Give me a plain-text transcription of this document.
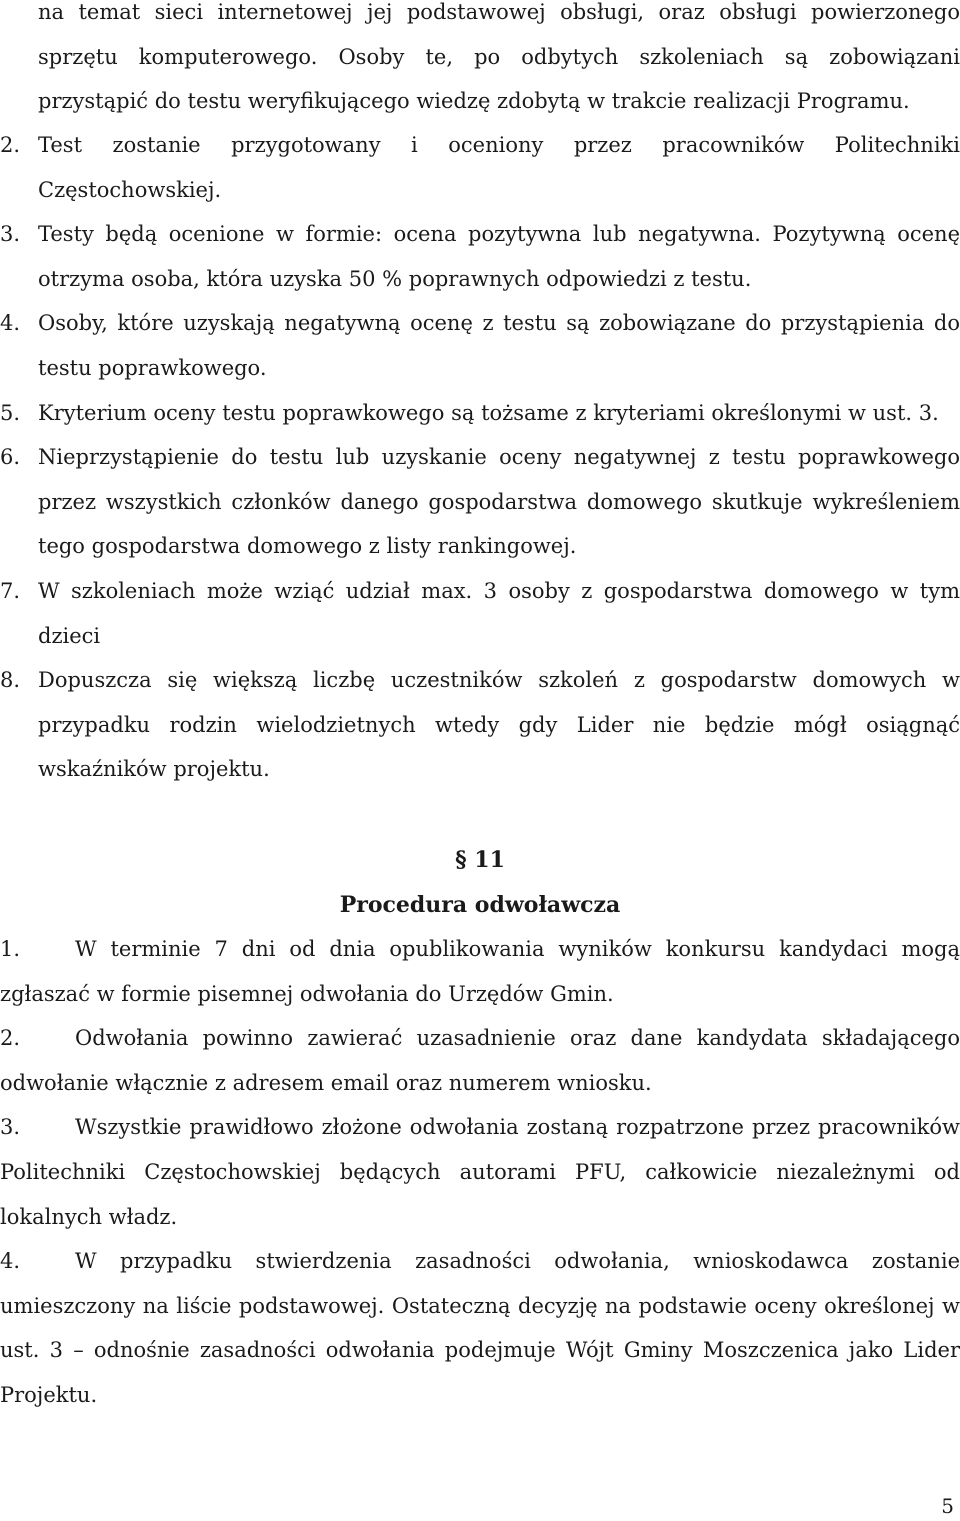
na temat sieci internetowej jej podstawowej obsługi, oraz obsługi powierzonego sprzętu komputerowego. Osoby te, po odbytych szkoleniach są zobowiązani przystąpić do testu weryfikującego wiedzę zdobytą w trakcie realizacji Programu.
2. Test zostanie przygotowany i oceniony przez pracowników Politechniki Częstochowskiej.
3. Testy będą ocenione w formie: ocena pozytywna lub negatywna. Pozytywną ocenę otrzyma osoba, która uzyska 50 % poprawnych odpowiedzi z testu.
4. Osoby, które uzyskają negatywną ocenę z testu są zobowiązane do przystąpienia do testu poprawkowego.
5. Kryterium oceny testu poprawkowego są tożsame z kryteriami określonymi w ust. 3.
6. Nieprzystąpienie do testu lub uzyskanie oceny negatywnej z testu poprawkowego przez wszystkich członków danego gospodarstwa domowego skutkuje wykreśleniem tego gospodarstwa domowego z listy rankingowej.
7. W szkoleniach może wziąć udział max. 3 osoby z gospodarstwa domowego w tym dzieci
8. Dopuszcza się większą liczbę uczestników szkoleń z gospodarstw domowych w przypadku rodzin wielodzietnych wtedy gdy Lider nie będzie mógł osiągnąć wskaźników projektu.
§ 11
Procedura odwoławcza
1.	W terminie 7 dni od dnia opublikowania wyników konkursu kandydaci mogą zgłaszać w formie pisemnej odwołania do Urzędów Gmin.
2.	Odwołania powinno zawierać uzasadnienie oraz dane kandydata składającego odwołanie włącznie z adresem email oraz numerem wniosku.
3.	Wszystkie prawidłowo złożone odwołania zostaną rozpatrzone przez pracowników Politechniki Częstochowskiej będących autorami PFU, całkowicie niezależnymi od lokalnych władz.
4.	W przypadku stwierdzenia zasadności odwołania, wnioskodawca zostanie umieszczony na liście podstawowej. Ostateczną decyzję na podstawie oceny określonej w ust. 3 – odnośnie zasadności odwołania podejmuje Wójt Gminy Moszczenica jako Lider Projektu.
5
